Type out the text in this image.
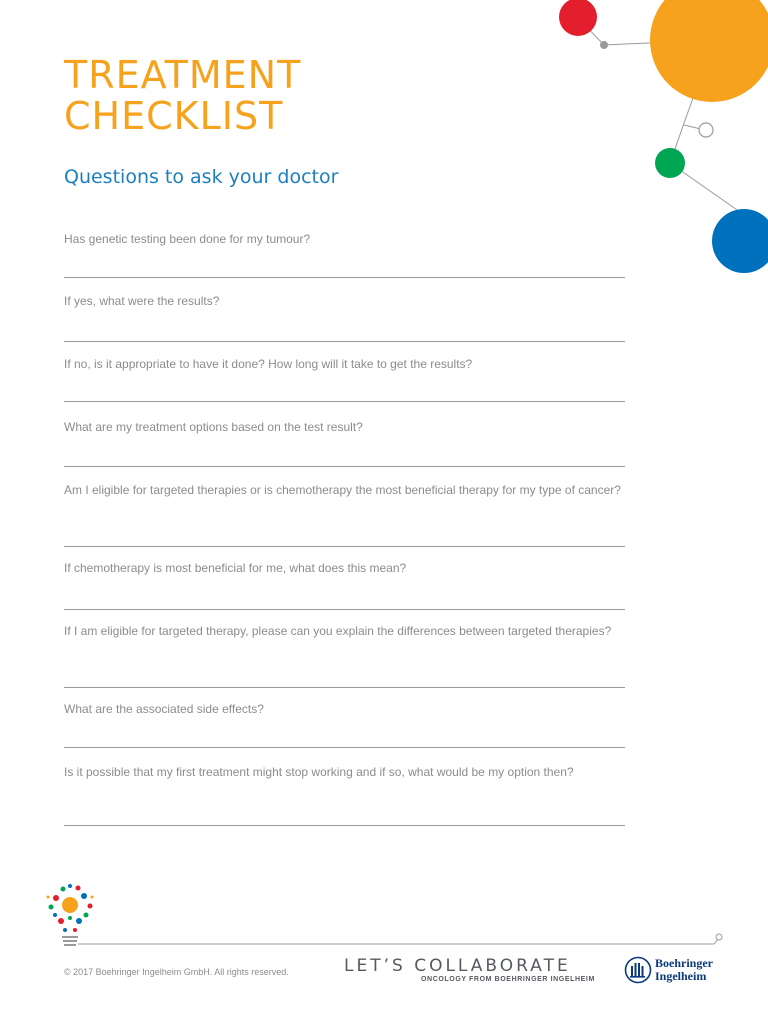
TREATMENT
CHECKLIST
Questions to ask your doctor
Has genetic testing been done for my tumour?
If yes, what were the results?
If no, is it appropriate to have it done? How long will it take to get the results?
What are my treatment options based on the test result?
Am I eligible for targeted therapies or is chemotherapy the most beneficial therapy for my type of cancer?
If chemotherapy is most beneficial for me, what does this mean?
If I am eligible for targeted therapy, please can you explain the differences between targeted therapies?
What are the associated side effects?
Is it possible that my first treatment might stop working and if so, what would be my option then?
© 2017 Boehringer Ingelheim GmbH. All rights reserved.	LET’S COLLABORATE
ONCOLOGY FROM BOEHRINGER INGELHEIM
Boehringer
Ingelheim
